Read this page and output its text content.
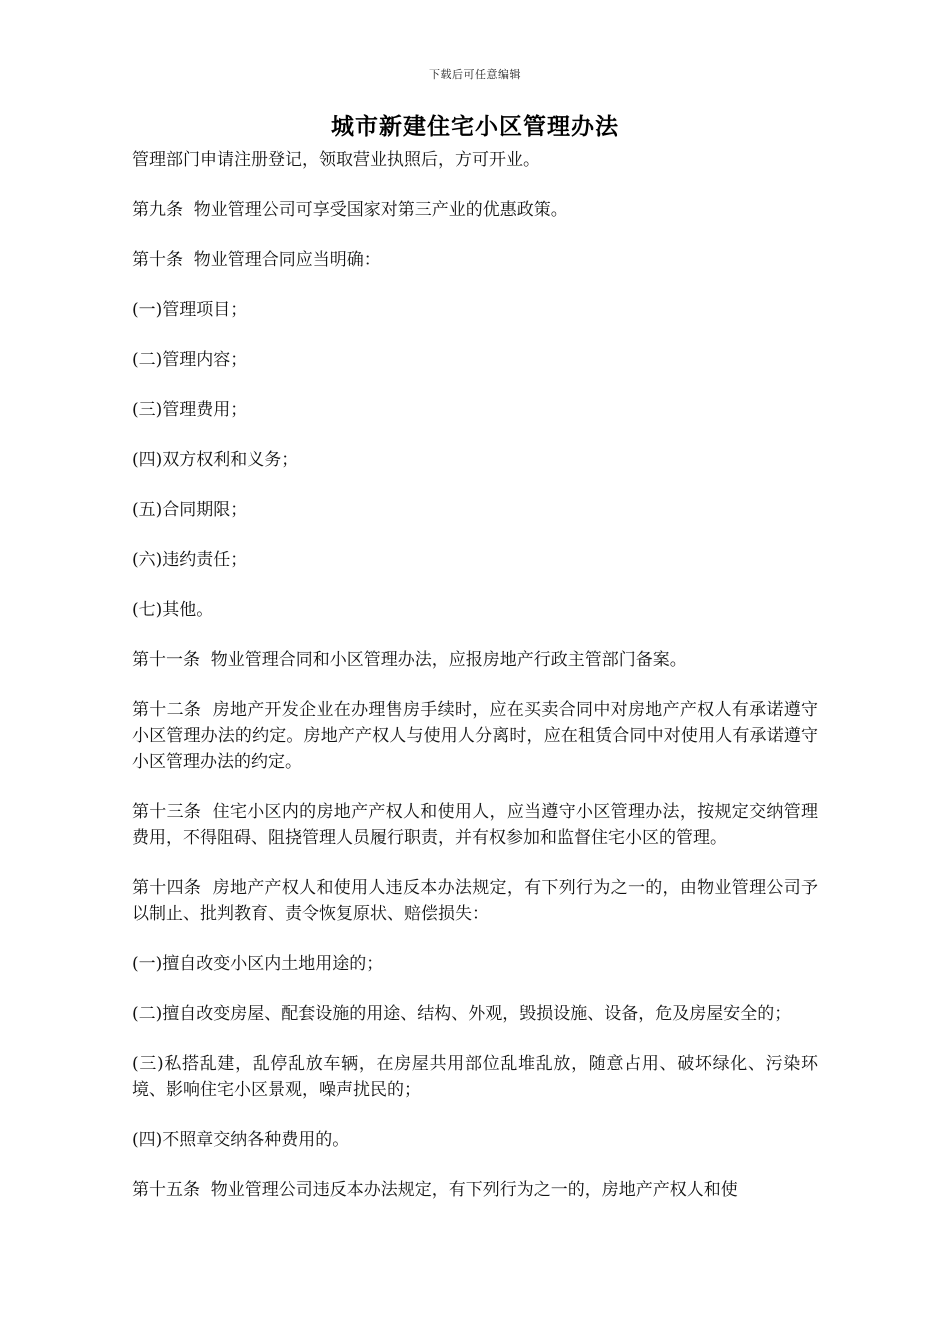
下载后可任意编辑
城市新建住宅小区管理办法

管理部门申请注册登记，领取营业执照后，方可开业。

第九条  物业管理公司可享受国家对第三产业的优惠政策。

第十条  物业管理合同应当明确：

(一)管理项目；

(二)管理内容；

(三)管理费用；

(四)双方权利和义务；

(五)合同期限；

(六)违约责任；

(七)其他。

第十一条  物业管理合同和小区管理办法，应报房地产行政主管部门备案。

第十二条  房地产开发企业在办理售房手续时，应在买卖合同中对房地产产权人有承诺遵守小区管理办法的约定。房地产产权人与使用人分离时，应在租赁合同中对使用人有承诺遵守小区管理办法的约定。

第十三条  住宅小区内的房地产产权人和使用人，应当遵守小区管理办法，按规定交纳管理费用，不得阻碍、阻挠管理人员履行职责，并有权参加和监督住宅小区的管理。

第十四条  房地产产权人和使用人违反本办法规定，有下列行为之一的，由物业管理公司予以制止、批判教育、责令恢复原状、赔偿损失：

(一)擅自改变小区内土地用途的；

(二)擅自改变房屋、配套设施的用途、结构、外观，毁损设施、设备，危及房屋安全的；

(三)私搭乱建，乱停乱放车辆，在房屋共用部位乱堆乱放，随意占用、破坏绿化、污染环境、影响住宅小区景观，噪声扰民的；

(四)不照章交纳各种费用的。

第十五条  物业管理公司违反本办法规定，有下列行为之一的，房地产产权人和使
